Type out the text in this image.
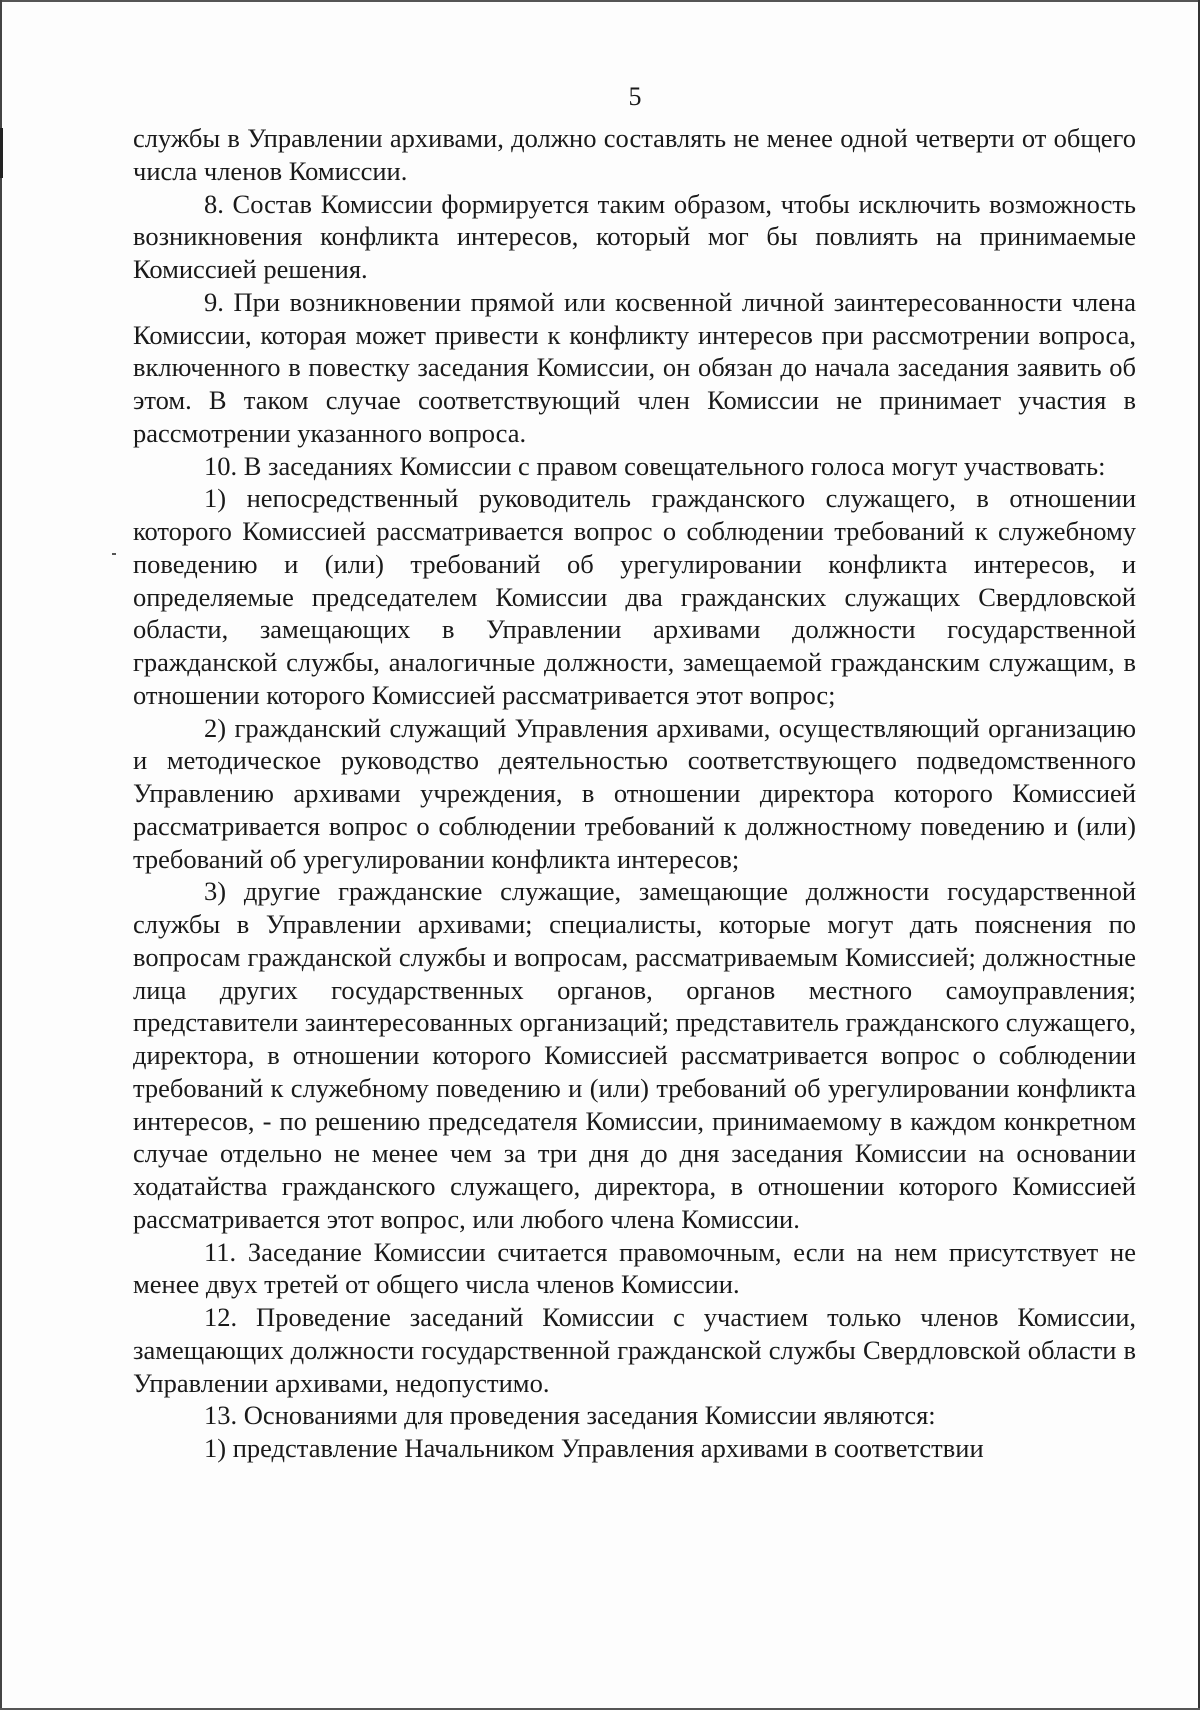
5

службы в Управлении архивами, должно составлять не менее одной четверти от общего числа членов Комиссии.

8. Состав Комиссии формируется таким образом, чтобы исключить возможность возникновения конфликта интересов, который мог бы повлиять на принимаемые Комиссией решения.

9. При возникновении прямой или косвенной личной заинтересованности члена Комиссии, которая может привести к конфликту интересов при рассмотрении вопроса, включенного в повестку заседания Комиссии, он обязан до начала заседания заявить об этом. В таком случае соответствующий член Комиссии не принимает участия в рассмотрении указанного вопроса.

10. В заседаниях Комиссии с правом совещательного голоса могут участвовать:

1) непосредственный руководитель гражданского служащего, в отношении которого Комиссией рассматривается вопрос о соблюдении требований к служебному поведению и (или) требований об урегулировании конфликта интересов, и определяемые председателем Комиссии два гражданских служащих Свердловской области, замещающих в Управлении архивами должности государственной гражданской службы, аналогичные должности, замещаемой гражданским служащим, в отношении которого Комиссией рассматривается этот вопрос;

2) гражданский служащий Управления архивами, осуществляющий организацию и методическое руководство деятельностью соответствующего подведомственного Управлению архивами учреждения, в отношении директора которого Комиссией рассматривается вопрос о соблюдении требований к должностному поведению и (или) требований об урегулировании конфликта интересов;

3) другие гражданские служащие, замещающие должности государственной службы в Управлении архивами; специалисты, которые могут дать пояснения по вопросам гражданской службы и вопросам, рассматриваемым Комиссией; должностные лица других государственных органов, органов местного самоуправления; представители заинтересованных организаций; представитель гражданского служащего, директора, в отношении которого Комиссией рассматривается вопрос о соблюдении требований к служебному поведению и (или) требований об урегулировании конфликта интересов, - по решению председателя Комиссии, принимаемому в каждом конкретном случае отдельно не менее чем за три дня до дня заседания Комиссии на основании ходатайства гражданского служащего, директора, в отношении которого Комиссией рассматривается этот вопрос, или любого члена Комиссии.

11. Заседание Комиссии считается правомочным, если на нем присутствует не менее двух третей от общего числа членов Комиссии.

12. Проведение заседаний Комиссии с участием только членов Комиссии, замещающих должности государственной гражданской службы Свердловской области в Управлении архивами, недопустимо.

13. Основаниями для проведения заседания Комиссии являются:

1) представление Начальником Управления архивами в соответствии
